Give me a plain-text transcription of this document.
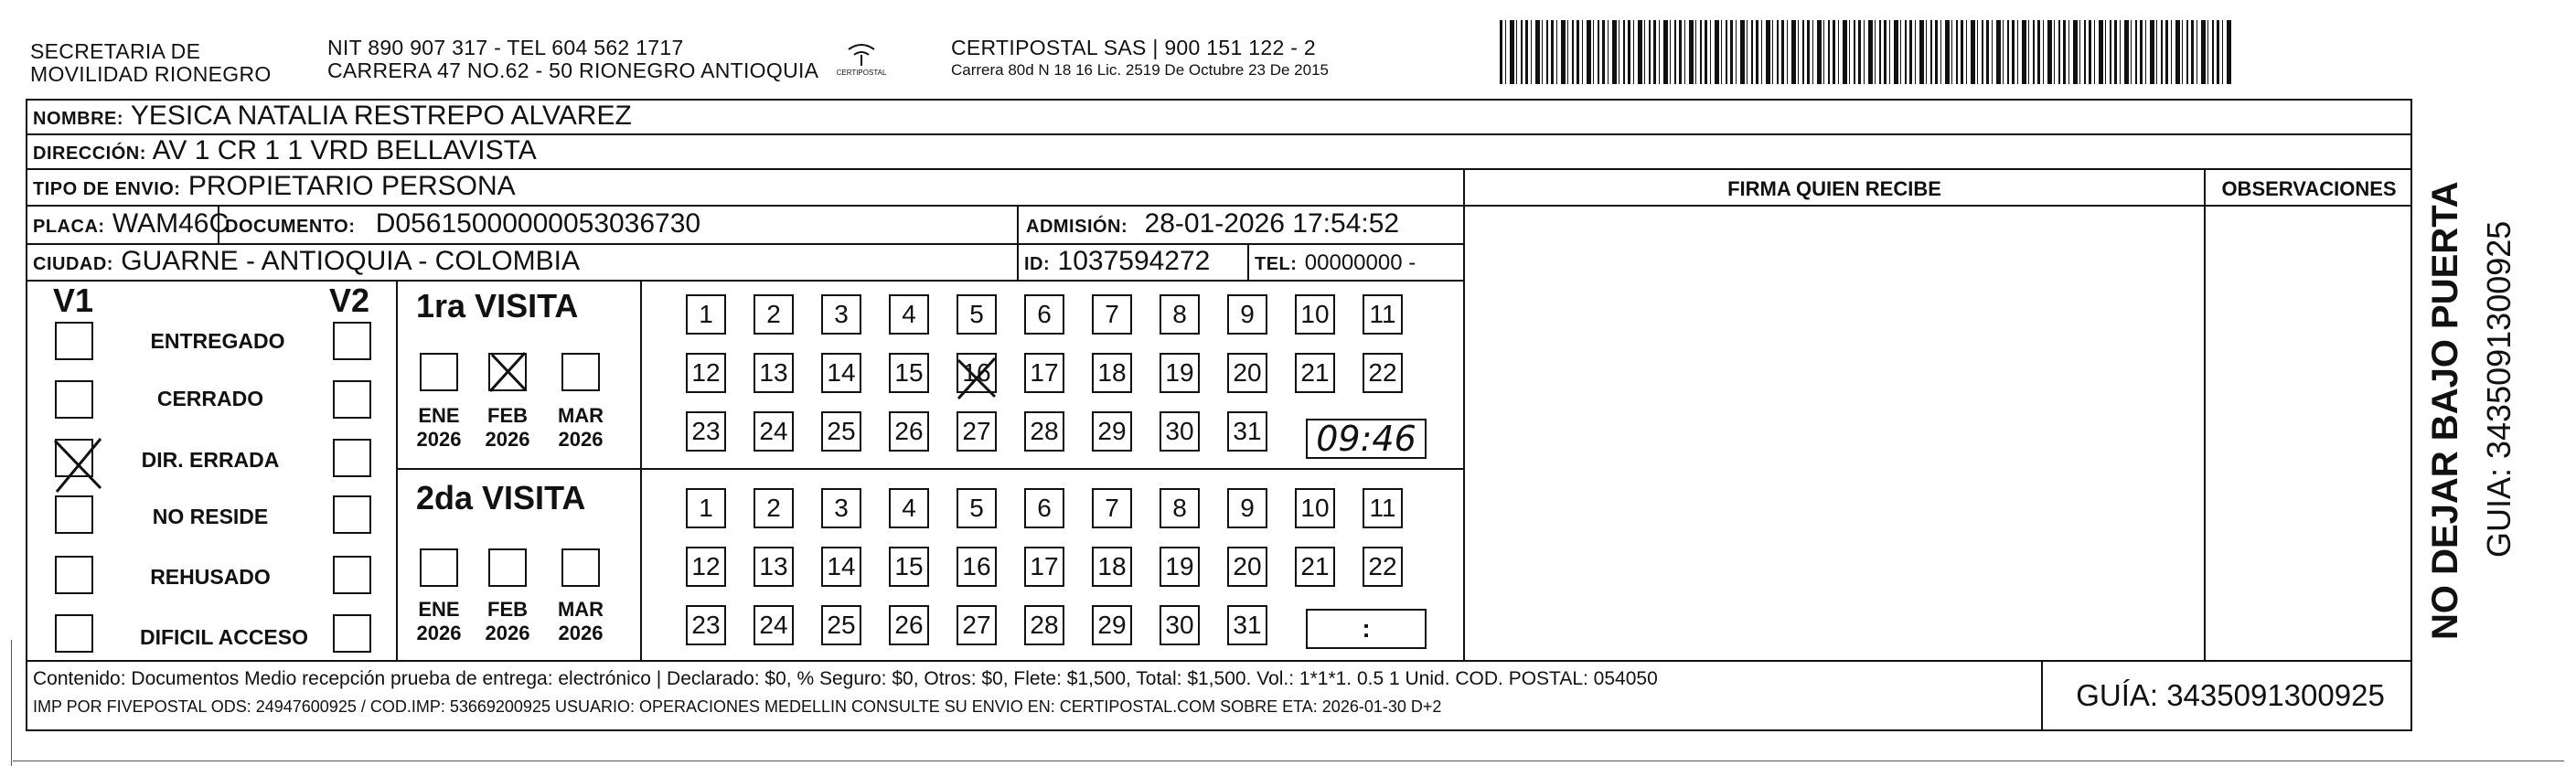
SECRETARIA DE
MOVILIDAD RIONEGRO
NIT 890 907 317 - TEL 604 562 1717
CARRERA 47 NO.62 - 50 RIONEGRO ANTIOQUIA CERTIPOSTAL
CERTIPOSTAL SAS | 900 151 122 - 2
Carrera 80d N 18 16 Lic. 2519 De Octubre 23 De 2015
NOMBRE: YESICA NATALIA RESTREPO ALVAREZ
DIRECCIÓN: AV 1 CR 1 1 VRD BELLAVISTA
TIPO DE ENVIO: PROPIETARIO PERSONA
PLACA: WAM46C
DOCUMENTO: D05615000000053036730	ADMISIÓN: 28-01-2026 17:54:52
CIUDAD: GUARNE - ANTIOQUIA - COLOMBIA	ID: 1037594272 TEL: 00000000 -
FIRMA QUIEN RECIBE	OBSERVACIONES
V1	V2
ENTREGADO
CERRADO
DIR. ERRADA
NO RESIDE
REHUSADO
DIFICIL ACCESO
1ra VISITA
ENE
2026
FEB
2026
MAR
2026
1	2	3	4	5	6	7	8	9	10 11
12 13 14 15 16 17 18 19 20 21 22
23 24 25 26 27 28 29 30 31 09:46
2da VISITA
ENE
2026
FEB
2026
MAR
2026
1	2	3	4	5	6	7	8	9	10 11
12 13 14 15 16 17 18 19 20 21 22
23 24 25 26 27 28 29 30 31	:
Contenido: Documentos Medio recepción prueba de entrega: electrónico | Declarado: $0, % Seguro: $0, Otros: $0, Flete: $1,500, Total: $1,500. Vol.: 1*1*1. 0.5 1 Unid. COD. POSTAL: 054050
IMP POR FIVEPOSTAL ODS: 24947600925 / COD.IMP: 53669200925 USUARIO: OPERACIONES MEDELLIN CONSULTE SU ENVIO EN: CERTIPOSTAL.COM SOBRE ETA: 2026-01-30 D+2	GUÍA: 3435091300925
NO DEJAR BAJO PUERTA GUIA: 3435091300925
